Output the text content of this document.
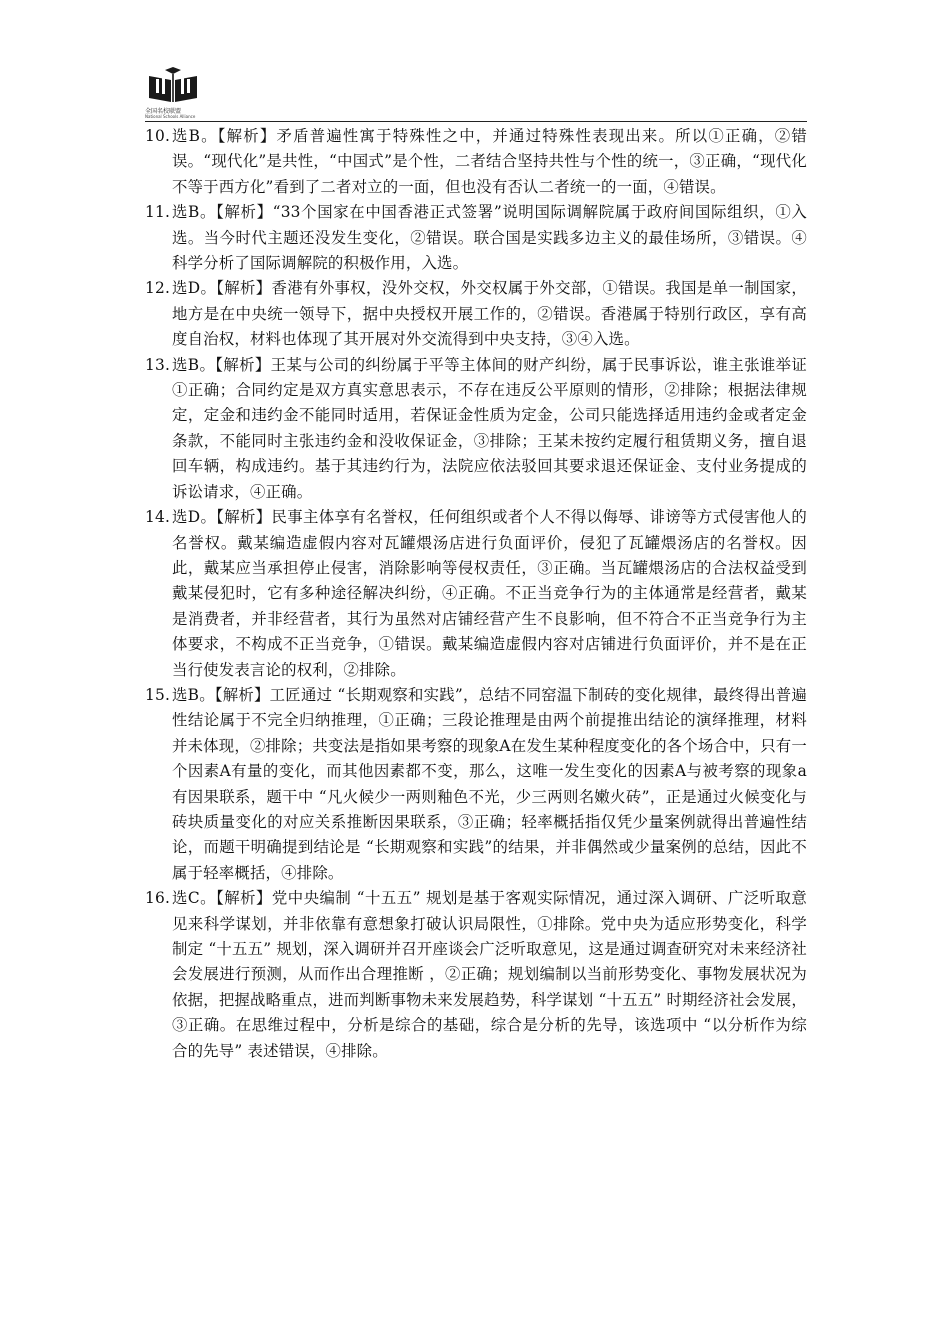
全国名校联盟
National Schools Alliance
10. 选B。【解析】矛盾普遍性寓于特殊性之中，并通过特殊性表现出来。所以①正确，②错误。“现代化”是共性，“中国式”是个性，二者结合坚持共性与个性的统一，③正确，“现代化不等于西方化”看到了二者对立的一面，但也没有否认二者统一的一面，④错误。
11. 选B。【解析】“33个国家在中国香港正式签署”说明国际调解院属于政府间国际组织，①入选。当今时代主题还没发生变化，②错误。联合国是实践多边主义的最佳场所，③错误。④科学分析了国际调解院的积极作用，入选。
12. 选D。【解析】香港有外事权，没外交权，外交权属于外交部，①错误。我国是单一制国家，地方是在中央统一领导下，据中央授权开展工作的，②错误。香港属于特别行政区，享有高度自治权，材料也体现了其开展对外交流得到中央支持，③④入选。
13. 选B。【解析】王某与公司的纠纷属于平等主体间的财产纠纷，属于民事诉讼，谁主张谁举证①正确；合同约定是双方真实意思表示，不存在违反公平原则的情形，②排除；根据法律规定，定金和违约金不能同时适用，若保证金性质为定金，公司只能选择适用违约金或者定金条款，不能同时主张违约金和没收保证金，③排除；王某未按约定履行租赁期义务，擅自退回车辆，构成违约。基于其违约行为，法院应依法驳回其要求退还保证金、支付业务提成的诉讼请求，④正确。
14. 选D。【解析】民事主体享有名誉权，任何组织或者个人不得以侮辱、诽谤等方式侵害他人的名誉权。戴某编造虚假内容对瓦罐煨汤店进行负面评价，侵犯了瓦罐煨汤店的名誉权。因此，戴某应当承担停止侵害，消除影响等侵权责任，③正确。当瓦罐煨汤店的合法权益受到戴某侵犯时，它有多种途径解决纠纷，④正确。不正当竞争行为的主体通常是经营者，戴某是消费者，并非经营者，其行为虽然对店铺经营产生不良影响，但不符合不正当竞争行为主体要求，不构成不正当竞争，①错误。戴某编造虚假内容对店铺进行负面评价，并不是在正当行使发表言论的权利，②排除。
15. 选B。【解析】工匠通过 “长期观察和实践”，总结不同窑温下制砖的变化规律，最终得出普遍性结论属于不完全归纳推理，①正确；三段论推理是由两个前提推出结论的演绎推理，材料并未体现，②排除；共变法是指如果考察的现象A在发生某种程度变化的各个场合中，只有一个因素A有量的变化，而其他因素都不变，那么，这唯一发生变化的因素A与被考察的现象a有因果联系，题干中 “凡火候少一两则釉色不光，少三两则名嫩火砖”，正是通过火候变化与砖块质量变化的对应关系推断因果联系，③正确；轻率概括指仅凭少量案例就得出普遍性结论，而题干明确提到结论是 “长期观察和实践”的结果，并非偶然或少量案例的总结，因此不属于轻率概括，④排除。
16. 选C。【解析】党中央编制 “十五五” 规划是基于客观实际情况，通过深入调研、广泛听取意见来科学谋划，并非依靠有意想象打破认识局限性，①排除。党中央为适应形势变化，科学制定 “十五五” 规划，深入调研并召开座谈会广泛听取意见，这是通过调查研究对未来经济社会发展进行预测，从而作出合理推断 ，②正确；规划编制以当前形势变化、事物发展状况为依据，把握战略重点，进而判断事物未来发展趋势，科学谋划 “十五五” 时期经济社会发展，③正确。在思维过程中，分析是综合的基础，综合是分析的先导，该选项中 “以分析作为综合的先导” 表述错误，④排除。
